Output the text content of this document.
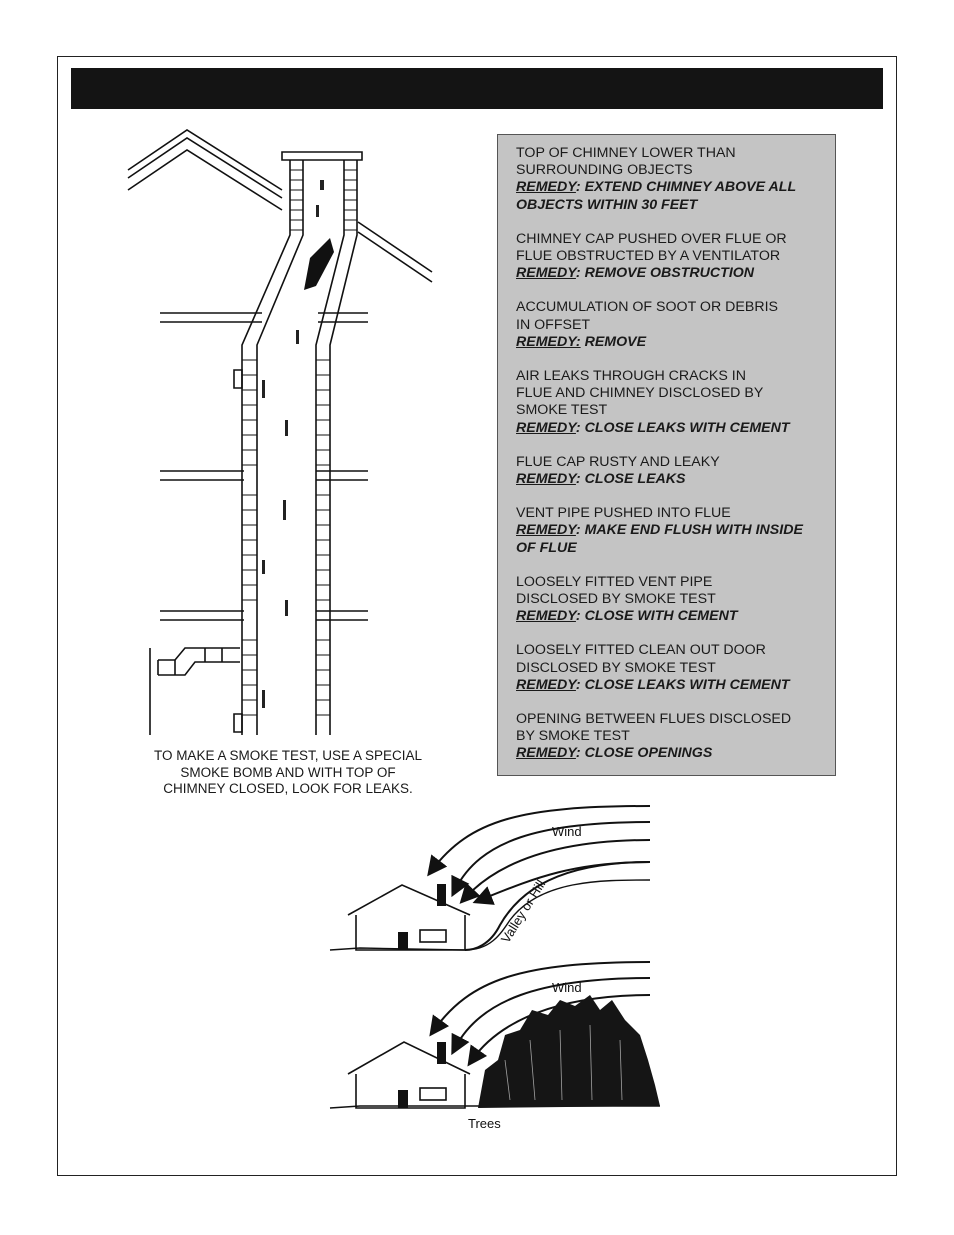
TOP OF CHIMNEY LOWER THAN
SURROUNDING OBJECTS
REMEDY: EXTEND CHIMNEY ABOVE ALL OBJECTS WITHIN 30 FEET
CHIMNEY CAP PUSHED OVER FLUE OR
FLUE OBSTRUCTED BY A VENTILATOR
REMEDY: REMOVE OBSTRUCTION
ACCUMULATION OF SOOT OR DEBRIS
IN OFFSET
REMEDY: REMOVE
AIR LEAKS THROUGH CRACKS IN
FLUE AND CHIMNEY DISCLOSED BY
SMOKE TEST
REMEDY: CLOSE LEAKS WITH CEMENT
FLUE CAP RUSTY AND LEAKY
REMEDY: CLOSE LEAKS
VENT PIPE PUSHED INTO FLUE
REMEDY: MAKE END FLUSH WITH INSIDE OF FLUE
LOOSELY FITTED VENT PIPE
DISCLOSED BY SMOKE TEST
REMEDY: CLOSE WITH CEMENT
LOOSELY FITTED CLEAN OUT DOOR
DISCLOSED BY SMOKE TEST
REMEDY: CLOSE LEAKS WITH CEMENT
OPENING BETWEEN FLUES DISCLOSED
BY SMOKE TEST
REMEDY: CLOSE OPENINGS
TO MAKE A SMOKE TEST, USE A SPECIAL
SMOKE BOMB AND WITH TOP OF
CHIMNEY CLOSED, LOOK FOR LEAKS.
Wind
Valley or Hill
Wind
Trees
